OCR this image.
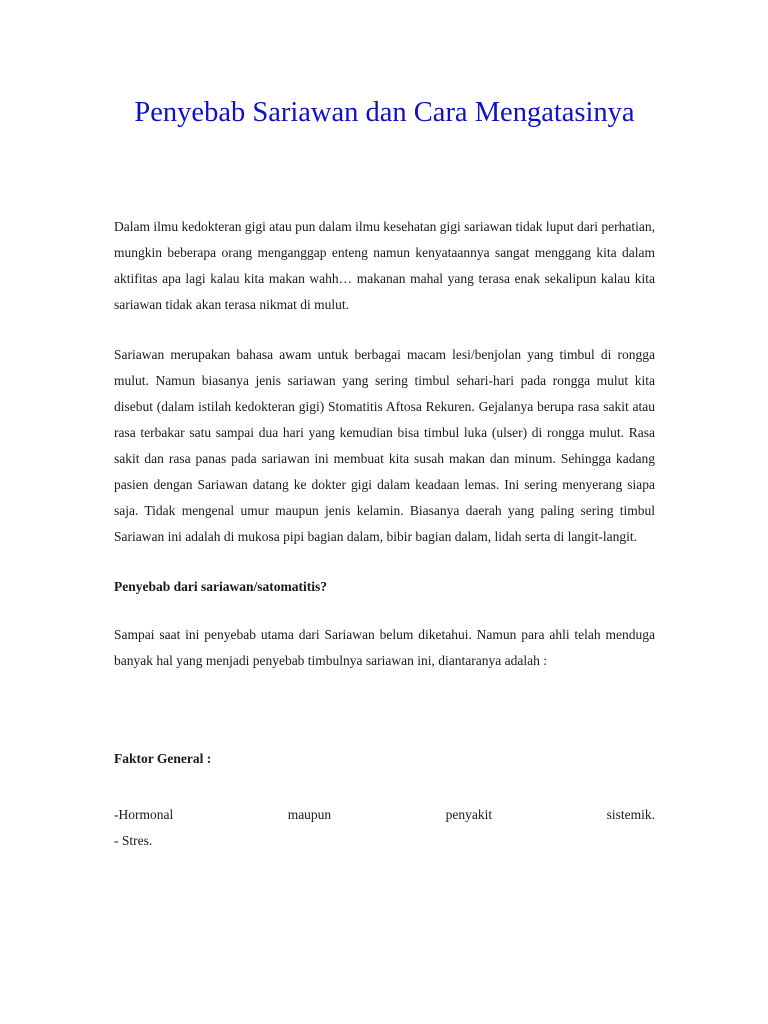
Penyebab Sariawan dan Cara Mengatasinya

Dalam ilmu kedokteran gigi atau pun dalam ilmu kesehatan gigi sariawan tidak luput dari perhatian, mungkin beberapa orang menganggap enteng namun kenyataannya sangat menggang kita dalam aktifitas apa lagi kalau kita makan wahh… makanan mahal yang terasa enak sekalipun kalau kita sariawan tidak akan terasa nikmat di mulut.

Sariawan merupakan bahasa awam untuk berbagai macam lesi/benjolan yang timbul di rongga mulut. Namun biasanya jenis sariawan yang sering timbul sehari-hari pada rongga mulut kita disebut (dalam istilah kedokteran gigi) Stomatitis Aftosa Rekuren. Gejalanya berupa rasa sakit atau rasa terbakar satu sampai dua hari yang kemudian bisa timbul luka (ulser) di rongga mulut. Rasa sakit dan rasa panas pada sariawan ini membuat kita susah makan dan minum. Sehingga kadang pasien dengan Sariawan datang ke dokter gigi dalam keadaan lemas. Ini sering menyerang siapa saja. Tidak mengenal umur maupun jenis kelamin. Biasanya daerah yang paling sering timbul Sariawan ini adalah di mukosa pipi bagian dalam, bibir bagian dalam, lidah serta di langit-langit.

Penyebab dari sariawan/satomatitis?

Sampai saat ini penyebab utama dari Sariawan belum diketahui. Namun para ahli telah menduga banyak hal yang menjadi penyebab timbulnya sariawan ini, diantaranya adalah :

Faktor General :

-Hormonal	maupun	penyakit	sistemik.

- Stres.
